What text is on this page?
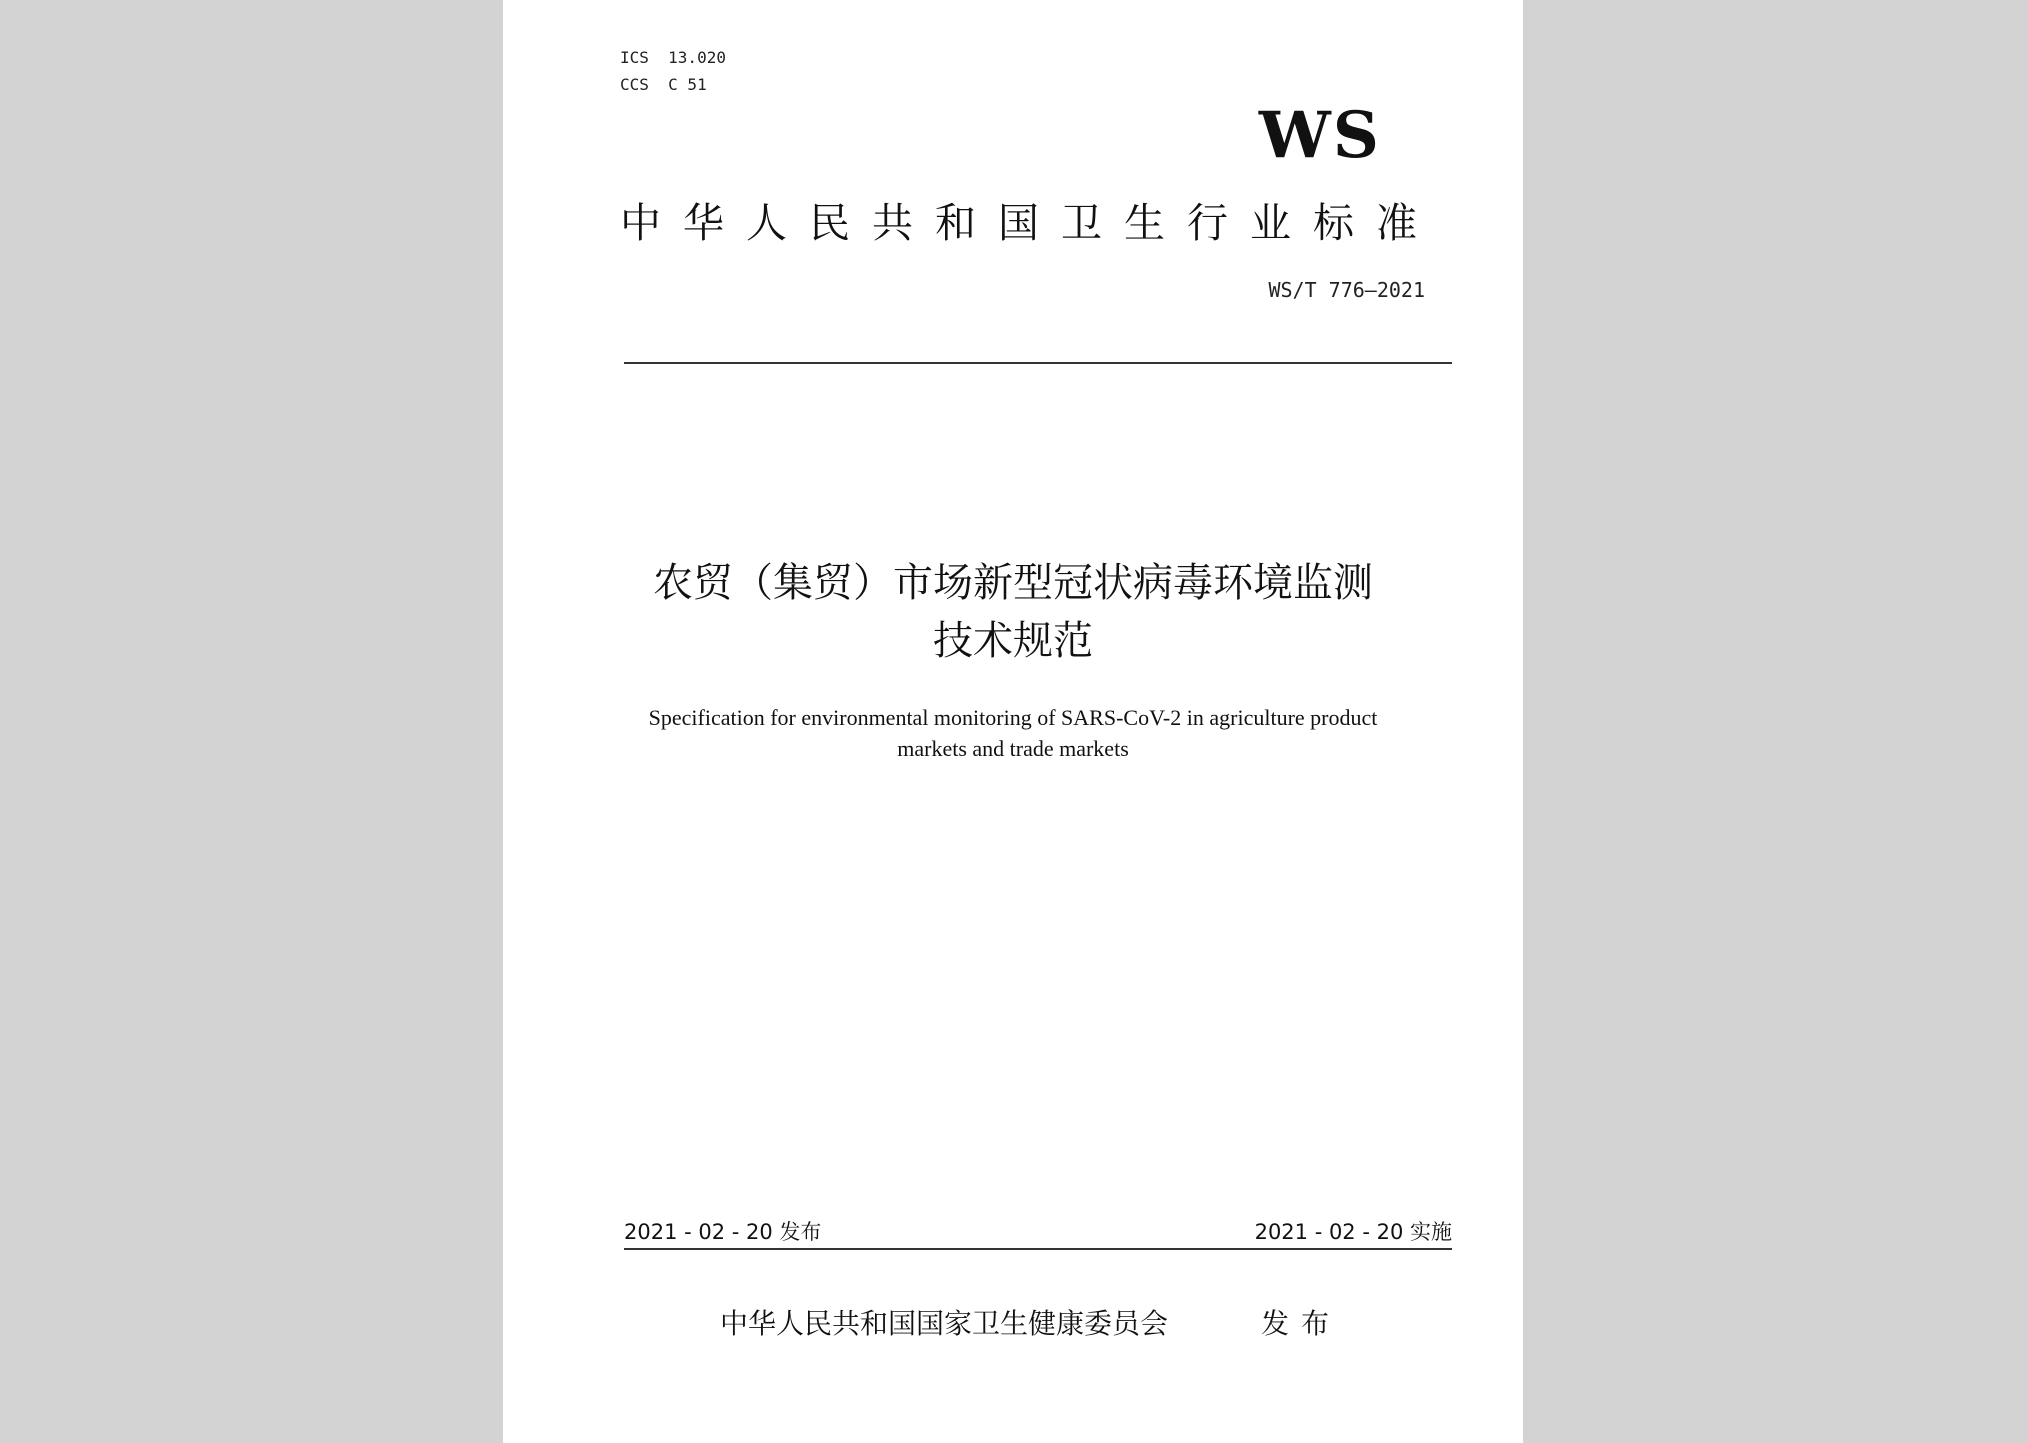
ICS  13.020
CCS  C 51
WS
中华人民共和国卫生行业标准
WS/T 776—2021
农贸（集贸）市场新型冠状病毒环境监测
技术规范
Specification for environmental monitoring of SARS-CoV-2 in agriculture product
markets and trade markets
2021 - 02 - 20 发布	2021 - 02 - 20 实施
中华人民共和国国家卫生健康委员会	发布
